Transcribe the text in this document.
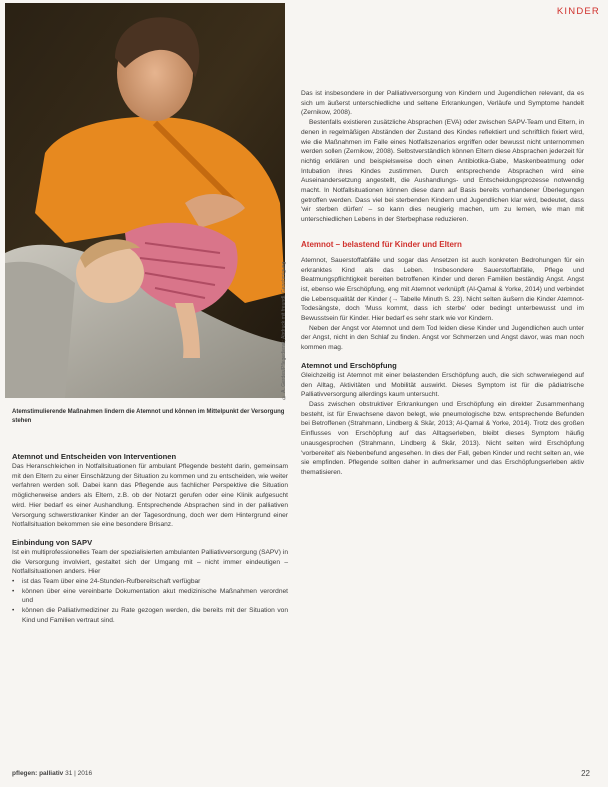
KINDER
© A. Gerdes/Pflegedienst; Abdruck mit freundl. Genehmigung
Atemstimulierende Maßnahmen lindern die Atemnot und können im Mittelpunkt der Versorgung stehen
Atemnot und Entscheiden von Interventionen

Das Heranschleichen in Notfallsituationen für ambulant Pflegende besteht darin, gemeinsam mit den Eltern zu einer Einschätzung der Situation zu kommen und zu entscheiden, wie weiter verfahren werden soll. Dabei kann das Pflegende aus fachlicher Perspektive die Situation möglicherweise anders als Eltern, z.B. ob der Notarzt gerufen oder eine Klinik aufgesucht wird. Hier bedarf es einer Aushandlung. Entsprechende Absprachen sind in der palliativen Versorgung schwerstkranker Kinder an der Tagesordnung, doch wer dem Hintergrund einer Notfallsituation bekommen sie eine besondere Brisanz.

Einbindung von SAPV

Ist ein multiprofessionelles Team der spezialisierten ambulanten Palliativversorgung (SAPV) in die Versorgung involviert, gestaltet sich der Umgang mit – nicht immer eindeutigen – Notfallsituationen anders. Hier

• ist das Team über eine 24-Stunden-Rufbereitschaft verfügbar
• können über eine vereinbarte Dokumentation akut medizinische Maßnahmen verordnet und
• können die Palliativmediziner zu Rate gezogen werden, die bereits mit der Situation von Kind und Familien vertraut sind.

Das ist insbesondere in der Palliativversorgung von Kindern und Jugendlichen relevant, da es sich um äußerst unterschiedliche und seltene Erkrankungen, Verläufe und Symptome handelt (Zernikow, 2008).

Bestenfalls existieren zusätzliche Absprachen (EVA) oder zwischen SAPV-Team und Eltern, in denen in regelmäßigen Abständen der Zustand des Kindes reflektiert und schriftlich fixiert wird, wie die Maßnahmen im Falle eines Notfallszenarios ergriffen oder bewusst nicht unternommen werden sollen (Zernikow, 2008). Selbstverständlich können Eltern diese Absprachen jederzeit für nichtig erklären und beispielsweise doch einen Antibiotika-Gabe, Maskenbeatmung oder Intubation ihres Kindes zustimmen. Durch entsprechende Absprachen wird eine Auseinandersetzung angestellt, die Aushandlungs- und Entscheidungsprozesse notwendig macht. In Notfallsituationen können diese dann auf Basis bereits vorhandener Überlegungen getroffen werden. Dass viel bei sterbenden Kindern und Jugendlichen klar wird, bedeutet, dass 'wir sterben dürfen' – so kann dies neugierig machen, um zu lernen, wie man mit unterschiedlichen Lebens in der Sterbephase reduzieren.

Atemnot – belastend für Kinder und Eltern

Atemnot, Sauerstoffabfälle und sogar das Ansetzen ist auch konkreten Bedrohungen für ein erkranktes Kind als das Leben. Insbesondere Sauerstoffabfälle, Pflege und Beatmungspflichtigkeit bereiten betroffenen Kinder und deren Familien beständig Angst. Angst ist, ebenso wie Erschöpfung, eng mit Atemnot verknüpft (Al-Qamal & Yorke, 2014) und verbindet die Lebensqualität der Kinder (→ Tabelle Minuth S. 23). Nicht selten äußern die Kinder Atemnot-Todesängste, doch 'Muss kommt, dass ich sterbe' oder bedingt unterbewusst und im Bewusstsein für Kinder. Hier bedarf es sehr stark wie vor Kindern.

Neben der Angst vor Atemnot und dem Tod leiden diese Kinder und Jugendlichen auch unter der Angst, nicht in den Schlaf zu finden. Angst vor Schmerzen und Angst davor, was man noch kommen mag.

Atemnot und Erschöpfung

Gleichzeitig ist Atemnot mit einer belastenden Erschöpfung auch, die sich schwerwiegend auf den Alltag, Aktivitäten und Mobilität auswirkt. Dieses Symptom ist für die pädiatrische Palliativversorgung allerdings kaum untersucht.

Dass zwischen obstruktiver Erkrankungen und Erschöpfung ein direkter Zusammenhang besteht, ist für Erwachsene davon belegt, wie pneumologische bzw. entsprechende Befunden bei Betroffenen (Strahmann, Lindberg & Skär, 2013; Al-Qamal & Yorke, 2014). Trotz des großen Einflusses von Erschöpfung auf das Alltagserleben, bleibt dieses Symptom häufig unausgesprochen (Strahmann, Lindberg & Skär, 2013). Nicht selten wird Erschöpfung 'vorbereitet' als Nebenbefund angesehen. In dies der Fall, geben Kinder und recht selten an, wie sie empfinden. Pflegende sollten daher in aufmerksamer und das Erschöpfungserleben aktiv thematisieren.

pflegen: palliativ 31 | 2016	22
